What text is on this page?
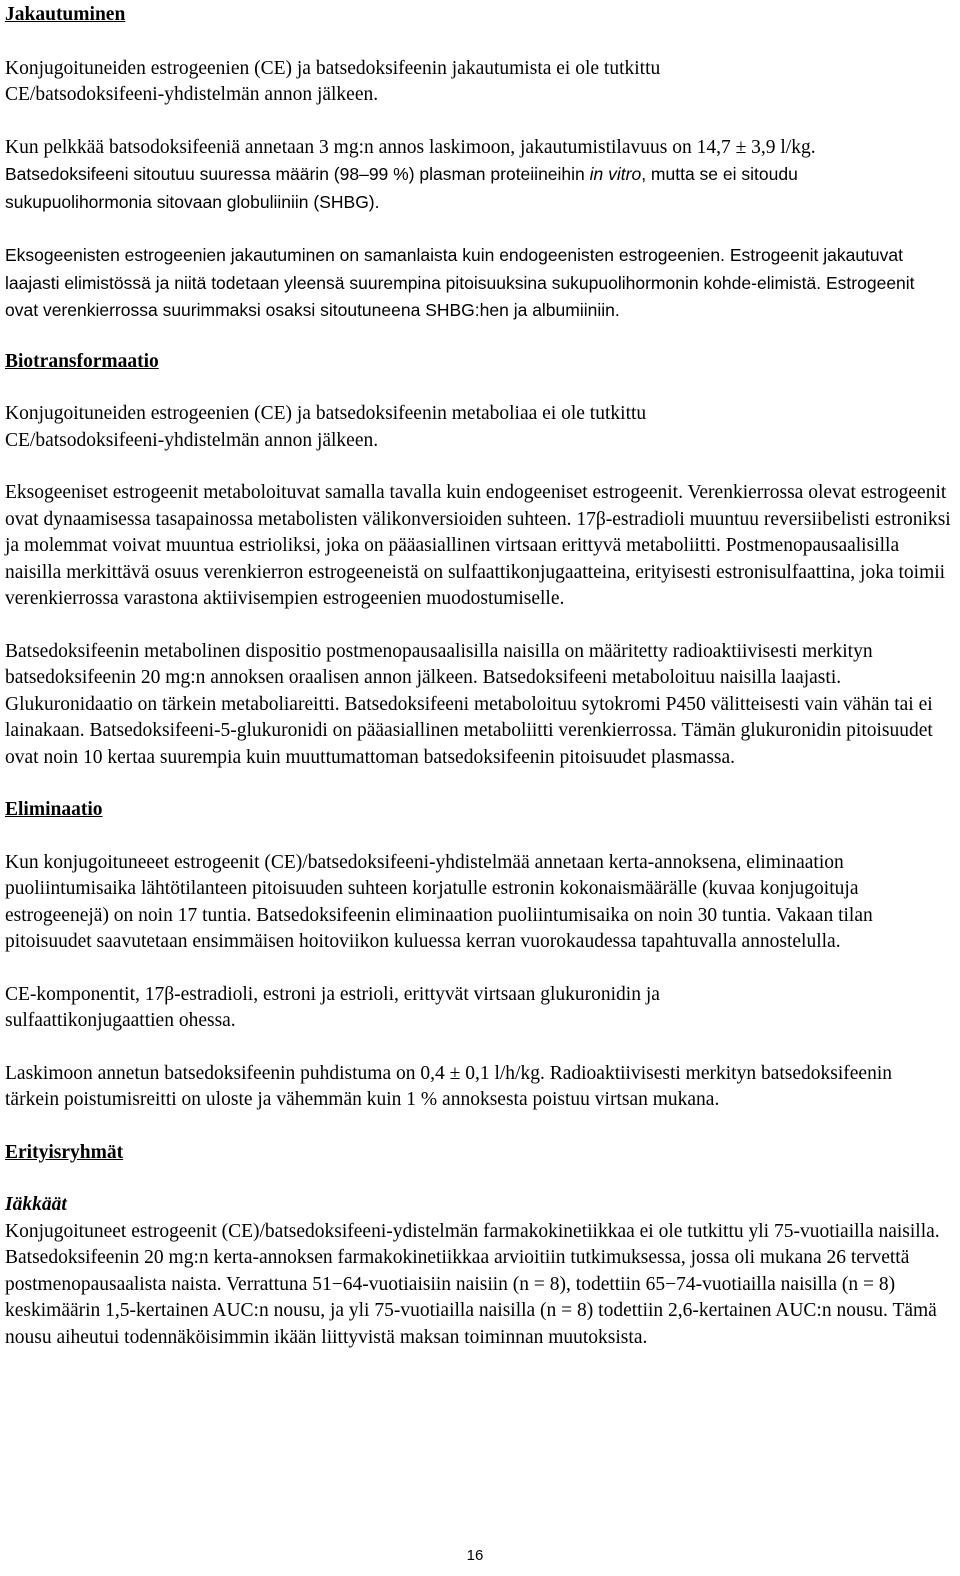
Jakautuminen

Konjugoituneiden estrogeenien (CE) ja batsedoksifeenin jakautumista ei ole tutkittu CE/batsodoksifeeni-yhdistelmän annon jälkeen.

Kun pelkkää batsodoksifeeniä annetaan 3 mg:n annos laskimoon, jakautumistilavuus on 14,7 ± 3,9 l/kg. Batsedoksifeeni sitoutuu suuressa määrin (98–99 %) plasman proteiineihin in vitro, mutta se ei sitoudu sukupuolihormonia sitovaan globuliiniin (SHBG).

Eksogeenisten estrogeenien jakautuminen on samanlaista kuin endogeenisten estrogeenien. Estrogeenit jakautuvat laajasti elimistössä ja niitä todetaan yleensä suurempina pitoisuuksina sukupuolihormonin kohde-elimistä. Estrogeenit ovat verenkierrossa suurimmaksi osaksi sitoutuneena SHBG:hen ja albumiiniin.

Biotransformaatio

Konjugoituneiden estrogeenien (CE) ja batsedoksifeenin metaboliaa ei ole tutkittu CE/batsodoksifeeni-yhdistelmän annon jälkeen.

Eksogeeniset estrogeenit metaboloituvat samalla tavalla kuin endogeeniset estrogeenit. Verenkierrossa olevat estrogeenit ovat dynaamisessa tasapainossa metabolisten välikonversioiden suhteen. 17β-estradioli muuntuu reversiibelisti estroniksi ja molemmat voivat muuntua estrioliksi, joka on pääasiallinen virtsaan erittyvä metaboliitti. Postmenopausaalisilla naisilla merkittävä osuus verenkierron estrogeeneistä on sulfaattikonjugaatteina, erityisesti estronisulfaattina, joka toimii verenkierrossa varastona aktiivisempien estrogeenien muodostumiselle.

Batsedoksifeenin metabolinen dispositio postmenopausaalisilla naisilla on määritetty radioaktiivisesti merkityn batsedoksifeenin 20 mg:n annoksen oraalisen annon jälkeen. Batsedoksifeeni metaboloituu naisilla laajasti. Glukuronidaatio on tärkein metaboliareitti. Batsedoksifeeni metaboloituu sytokromi P450 välitteisesti vain vähän tai ei lainakaan. Batsedoksifeeni-5-glukuronidi on pääasiallinen metaboliitti verenkierrossa. Tämän glukuronidin pitoisuudet ovat noin 10 kertaa suurempia kuin muuttumattoman batsedoksifeenin pitoisuudet plasmassa.

Eliminaatio

Kun konjugoituneeet estrogeenit (CE)/batsedoksifeeni-yhdistelmää annetaan kerta-annoksena, eliminaation puoliintumisaika lähtötilanteen pitoisuuden suhteen korjatulle estronin kokonaismäärälle (kuvaa konjugoituja estrogeenejä) on noin 17 tuntia. Batsedoksifeenin eliminaation puoliintumisaika on noin 30 tuntia. Vakaan tilan pitoisuudet saavutetaan ensimmäisen hoitoviikon kuluessa kerran vuorokaudessa tapahtuvalla annostelulla.

CE-komponentit, 17β-estradioli, estroni ja estrioli, erittyvät virtsaan glukuronidin ja sulfaattikonjugaattien ohessa.

Laskimoon annetun batsedoksifeenin puhdistuma on 0,4 ± 0,1 l/h/kg. Radioaktiivisesti merkityn batsedoksifeenin tärkein poistumisreitti on uloste ja vähemmän kuin 1 % annoksesta poistuu virtsan mukana.

Erityisryhmät
Iäkkäät

Konjugoituneet estrogeenit (CE)/batsedoksifeeni-ydistelmän farmakokinetiikkaa ei ole tutkittu yli 75-vuotiailla naisilla. Batsedoksifeenin 20 mg:n kerta-annoksen farmakokinetiikkaa arvioitiin tutkimuksessa, jossa oli mukana 26 tervettä postmenopausaalista naista. Verrattuna 51−64-vuotiaisiin naisiin (n = 8), todettiin 65−74-vuotiailla naisilla (n = 8) keskimäärin 1,5-kertainen AUC:n nousu, ja yli 75-vuotiailla naisilla (n = 8) todettiin 2,6-kertainen AUC:n nousu. Tämä nousu aiheutui todennäköisimmin ikään liittyvistä maksan toiminnan muutoksista.

16
